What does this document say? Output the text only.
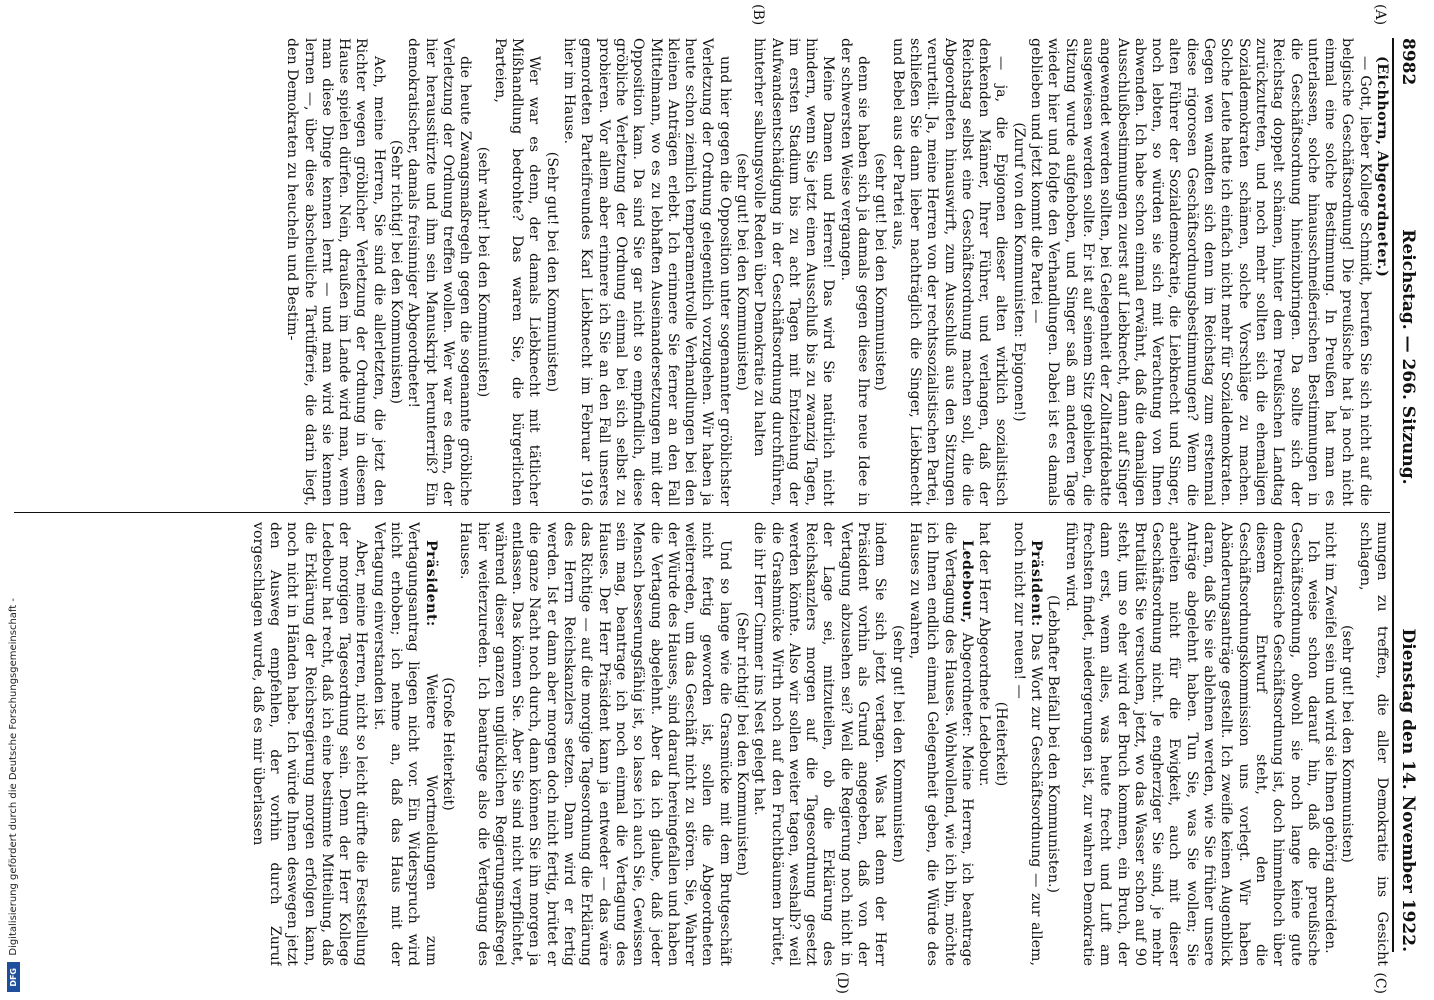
Digitalisierung gefördert durch die Deutsche Forschungsgemeinschaft -
DFG
8982
Reichstag. — 266. Sitzung.
Dienstag den 14. November 1922.
(A)
(B)
(C)
(D)

(Eichhorn, Abgeordneter.)

— Gott, lieber Kollege Schmidt, berufen Sie sich nicht auf die belgische Geschäftsordnung! Die preußische hat ja noch nicht einmal eine solche Bestimmung. In Preußen hat man es unterlassen, solche hinausschmeißerischen Bestimmungen in die Geschäftsordnung hineinzubringen. Da sollte sich der Reichstag doppelt schämen, hinter dem Preußischen Landtag zurückzutreten, und noch mehr sollten sich die ehemaligen Sozialdemokraten schämen, solche Vorschläge zu machen. Solche Leute hatte ich einfach nicht mehr für Sozialdemokraten. Gegen wen wandten sich denn im Reichstag zum erstenmal diese rigorosen Geschäftsordnungsbestimmungen? Wenn die alten Führer der Sozialdemokratie, die Liebknecht und Singer, noch lebten, so würden sie sich mit Verachtung von Ihnen abwenden. Ich habe schon einmal erwähnt, daß die damaligen Ausschlußbestimmungen zuerst auf Liebknecht, dann auf Singer angewendet werden sollten, bei Gelegenheit der Zolltarifdebatte ausgewiesen werden sollte. Er ist auf seinem Sitz geblieben, die Sitzung wurde aufgehoben, und Singer saß am anderen Tage wieder hier und folgte den Verhandlungen. Dabei ist es damals geblieben und jetzt kommt die Partei —

(Zuruf von den Kommunisten: Epigonen!)

— ja, die Epigonen dieser alten wirklich sozialistisch denkenden Männer, Ihrer Führer, und verlangen, daß der Reichstag selbst eine Geschäftsordnung machen soll, die die Abgeordneten hinauswirft, zum Ausschluß aus den Sitzungen verurteilt. Ja, meine Herren von der rechtssozialistischen Partei, schließen Sie dann lieber nachträglich die Singer, Liebknecht und Bebel aus der Partei aus,

(sehr gut! bei den Kommunisten)

denn sie haben sich ja damals gegen diese Ihre neue Idee in der schwersten Weise vergangen.

Meine Damen und Herren! Das wird Sie natürlich nicht hindern, wenn Sie jetzt einen Ausschluß bis zu zwanzig Tagen, im ersten Stadium bis zu acht Tagen mit Entziehung der Aufwandsentschädigung in der Geschäftsordnung durchführen, hinterher salbungsvolle Reden über Demokratie zu halten

(sehr gut! bei den Kommunisten)

und hier gegen die Opposition unter sogenannter gröblichster Verletzung der Ordnung gelegentlich vorzugehen. Wir haben ja heute schon ziemlich temperamentvolle Verhandlungen bei den kleinen Anträgen erlebt. Ich erinnere Sie ferner an den Fall Mittelmann, wo es zu lebhaften Auseinandersetzungen mit der Opposition kam. Da sind Sie gar nicht so empfindlich, diese gröbliche Verletzung der Ordnung einmal bei sich selbst zu probieren. Vor allem aber erinnere ich Sie an den Fall unseres gemordeten Parteifreundes Karl Liebknecht im Februar 1916 hier im Hause.

(Sehr gut! bei den Kommunisten)

Wer war es denn, der damals Liebknecht mit tätlicher Mißhandlung bedrohte? Das waren Sie, die bürgerlichen Parteien,

(sehr wahr! bei den Kommunisten)

die heute Zwangsmaßregeln gegen die sogenannte gröbliche Verletzung der Ordnung treffen wollen. Wer war es denn, der hier herausstürzte und ihm sein Manuskript herunterriß? Ein demokratischer, damals freisinniger Abgeordneter!

(Sehr richtig! bei den Kommunisten)

Ach, meine Herren, Sie sind die allerletzten, die jetzt den Richter wegen gröblicher Verletzung der Ordnung in diesem Hause spielen dürfen. Nein, draußen im Lande wird man, wenn man diese Dinge kennen lernt — und man wird sie kennen lernen —, über diese abscheuliche Tartüfferie, die darin liegt, den Demokraten zu heucheln und Bestim-

mungen zu treffen, die aller Demokratie ins Gesicht schlagen,

(sehr gut! bei den Kommunisten)

nicht im Zweifel sein und wird sie Ihnen gehörig ankreiden.

Ich weise schon darauf hin, daß die preußische Geschäftsordnung, obwohl sie noch lange keine gute demokratische Geschäftsordnung ist, doch himmelhoch über diesem Entwurf steht, den die Geschäftsordnungskommission uns vorlegt. Wir haben Abänderungsanträge gestellt. Ich zweifle keinen Augenblick daran, daß Sie sie ablehnen werden, wie Sie früher unsere Anträge abgelehnt haben. Tun Sie, was Sie wollen; Sie arbeiten nicht für die Ewigkeit, auch mit dieser Geschäftsordnung nicht. Je engherziger Sie sind, je mehr Brutalität Sie versuchen, jetzt, wo das Wasser schon auf 90 steht, um so eher wird der Bruch kommen, ein Bruch, der dann erst, wenn alles, was heute frecht und Luft am frechsten findet, niedergerungen ist, zur wahren Demokratie führen wird.

(Lebhafter Beifall bei den Kommunisten.)

Präsident: Das Wort zur Geschäftsordnung — zur allem, noch nicht zur neuen! —

(Heiterkeit)

hat der Herr Abgeordnete Ledebour.

Ledebour, Abgeordneter: Meine Herren, ich beantrage die Vertagung des Hauses. Wohlwollend, wie ich bin, möchte ich Ihnen endlich einmal Gelegenheit geben, die Würde des Hauses zu wahren,

(sehr gut! bei den Kommunisten)

indem Sie sich jetzt vertagen. Was hat denn der Herr Präsident vorhin als Grund angegeben, daß von der Vertagung abzusehen sei? Weil die Regierung noch nicht in der Lage sei, mitzuteilen, ob die Erklärung des Reichskanzlers morgen auf die Tagesordnung gesetzt werden könnte. Also wir sollen weiter tagen, weshalb? weil die Grashmücke Wirth noch auf den Fruchtbäumen brütet, die ihr Herr Cimmer ins Nest gelegt hat.

(Sehr richtig! bei den Kommunisten)

Und so lange wie die Grasmücke mit dem Brutgeschäft nicht fertig geworden ist, sollen die Abgeordneten weiterreden, um das Geschäft nicht zu stören. Sie, Wahrer der Würde des Hauses, sind darauf hereingefallen und haben die Vertagung abgelehnt. Aber da ich glaube, daß jeder Mensch besserungsfähig ist, so lasse ich auch Sie, Gewissen sein mag, beantrage ich noch einmal die Vertagung des Hauses. Der Herr Präsident kann ja entweder — das wäre das Richtige — auf die morgige Tagesordnung die Erklärung des Herrn Reichskanzlers setzen. Dann wird er fertig werden. Ist er dann aber morgen doch nicht fertig, brütet er die ganze Nacht noch durch, dann können Sie ihn morgen ja entlassen. Das können Sie. Aber Sie sind nicht verpflichtet, während dieser ganzen unglücklichen Regierungsmaßregel hier weiterzureden. Ich beantrage also die Vertagung des Hauses.

(Große Heiterkeit)

Präsident: Weitere Wortmeldungen zum Vertagungsantrag liegen nicht vor. Ein Widerspruch wird nicht erhoben; ich nehme an, daß das Haus mit der Vertagung einverstanden ist.

Aber, meine Herren, nicht so leicht dürfte die Feststellung der morgigen Tagesordnung sein. Denn der Herr Kollege Ledebour hat recht, daß ich eine bestimmte Mitteilung, daß die Erklärung der Reichsregierung morgen erfolgen kann, noch nicht in Händen habe. Ich würde Ihnen deswegen jetzt den Ausweg empfehlen, der vorhin durch Zuruf vorgeschlagen wurde, daß es mir überlassen
